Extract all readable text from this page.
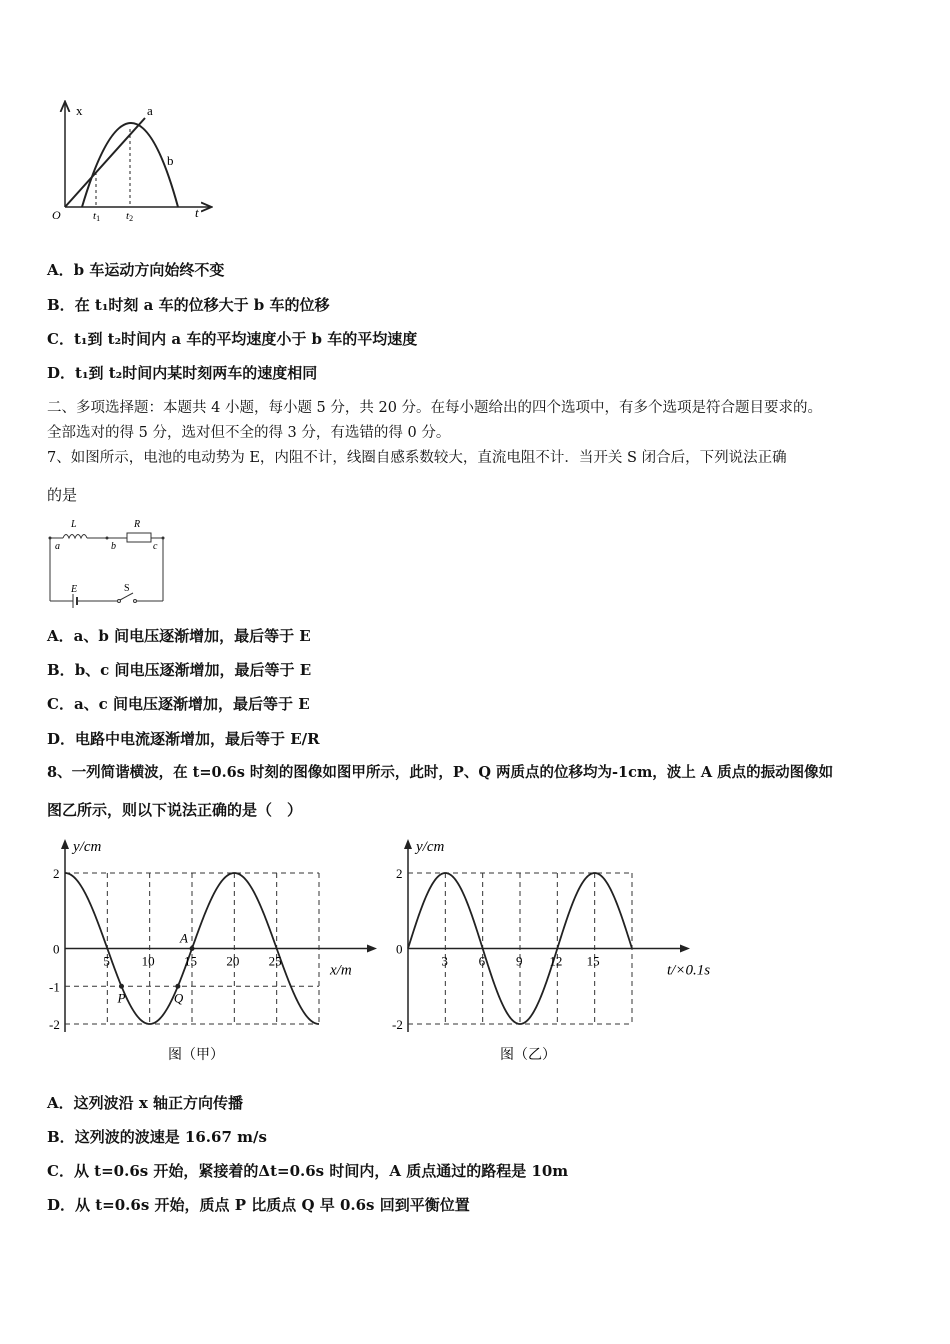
x
t
O
a
b
t1 t2
A．b 车运动方向始终不变
B．在 t₁时刻 a 车的位移大于 b 车的位移
C．t₁到 t₂时间内 a 车的平均速度小于 b 车的平均速度
D．t₁到 t₂时间内某时刻两车的速度相同
二、多项选择题：本题共 4 小题，每小题 5 分，共 20 分。在每小题给出的四个选项中，有多个选项是符合题目要求的。
全部选对的得 5 分，选对但不全的得 3 分，有选错的得 0 分。
7、如图所示，电池的电动势为 E，内阻不计，线圈自感系数较大，直流电阻不计．当开关 S 闭合后，下列说法正确
的是
L	R
a	b	c
E	S
A．a、b 间电压逐渐增加，最后等于 E
B．b、c 间电压逐渐增加，最后等于 E
C．a、c 间电压逐渐增加，最后等于 E
D．电路中电流逐渐增加，最后等于 E/R
8、一列简谐横波，在 t=0.6s 时刻的图像如图甲所示，此时，P、Q 两质点的位移均为-1cm，波上 A 质点的振动图像如
图乙所示，则以下说法正确的是（　）
5 10 15 20 25
2
0
-1
-2
P	Q
A
y/cm
x/m
图（甲）
3 6 9 12 15
2
0
-2
y/cm
t/×0.1s
图（乙）
A．这列波沿 x 轴正方向传播
B．这列波的波速是 16.67 m/s
C．从 t=0.6s 开始，紧接着的Δt=0.6s 时间内，A 质点通过的路程是 10m
D．从 t=0.6s 开始，质点 P 比质点 Q 早 0.6s 回到平衡位置
